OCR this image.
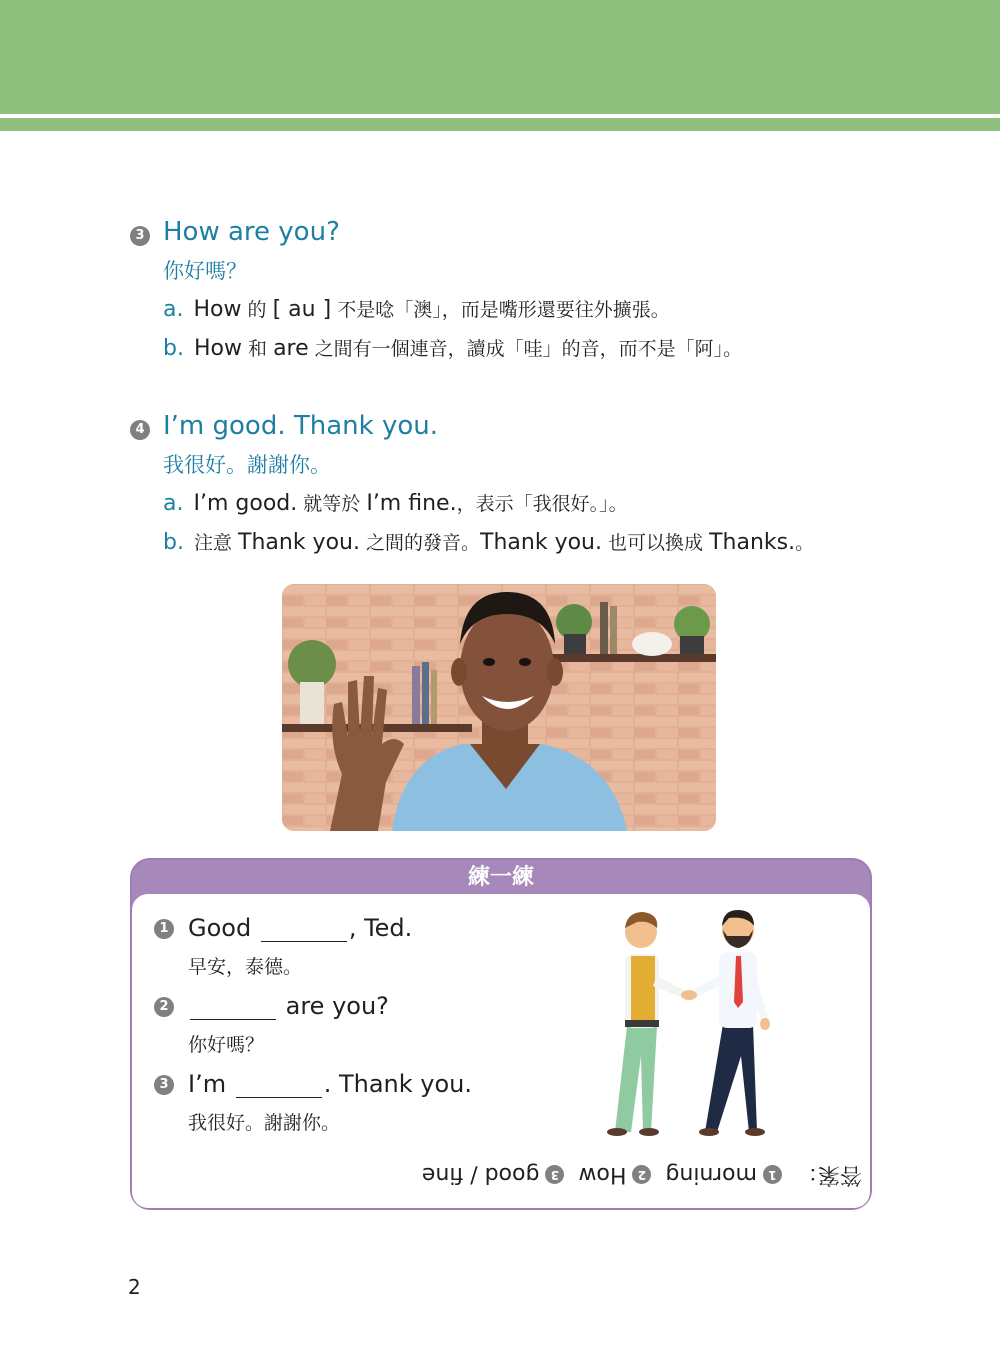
3 How are you?
你好嗎？
a. How 的 [ au ] 不是唸「澳」，而是嘴形還要往外擴張。
b. How 和 are 之間有一個連音，讀成「哇」的音，而不是「阿」。
4 I’m good. Thank you.
我很好。謝謝你。
a. I’m good. 就等於 I’m fine.，表示「我很好。」。
b. 注意 Thank you. 之間的發音。Thank you. 也可以換成 Thanks.。
練一練
1 Good	, Ted.
早安，泰德。
2	are you?
你好嗎？
3 I’m	. Thank you.
我很好。謝謝你。
答案：1morning2How3good / fine
2
